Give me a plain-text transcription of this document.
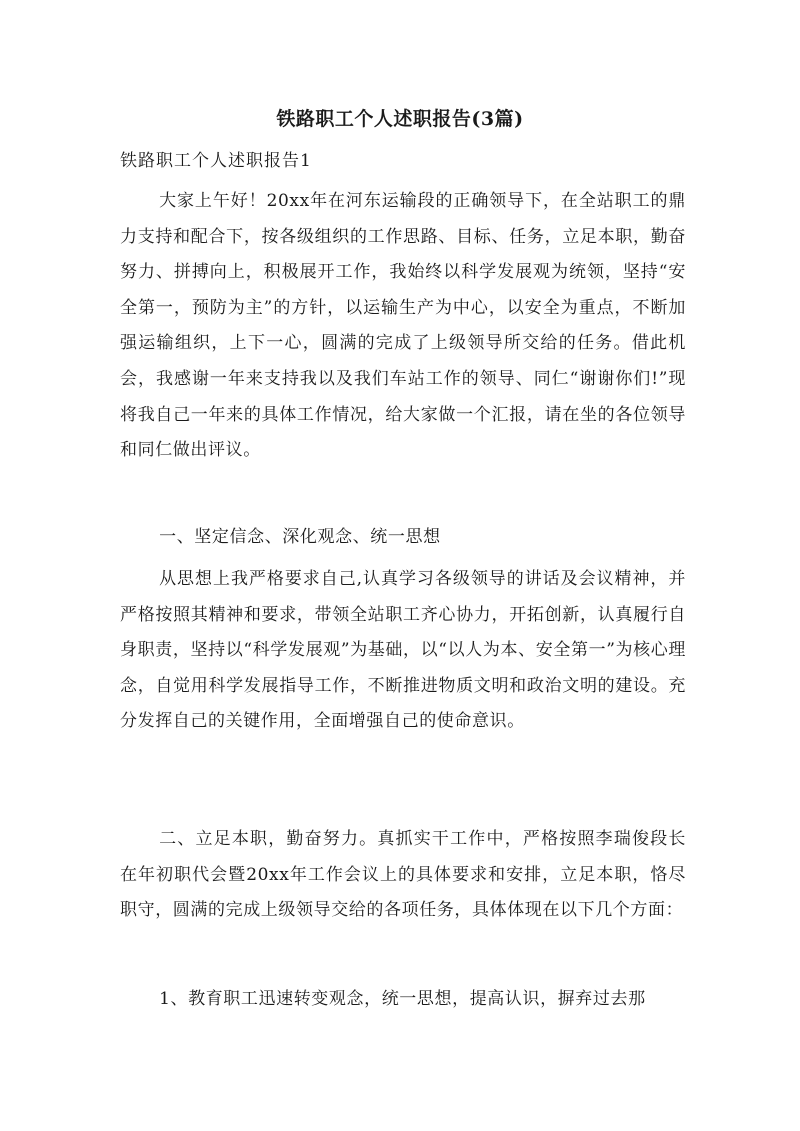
铁路职工个人述职报告(3篇)
铁路职工个人述职报告1

大家上午好！20xx年在河东运输段的正确领导下，在全站职工的鼎力支持和配合下，按各级组织的工作思路、目标、任务，立足本职，勤奋努力、拼搏向上，积极展开工作，我始终以科学发展观为统领，坚持“安全第一，预防为主”的方针，以运输生产为中心，以安全为重点，不断加强运输组织，上下一心，圆满的完成了上级领导所交给的任务。借此机会，我感谢一年来支持我以及我们车站工作的领导、同仁“谢谢你们!”现将我自己一年来的具体工作情况，给大家做一个汇报，请在坐的各位领导和同仁做出评议。

一、坚定信念、深化观念、统一思想

从思想上我严格要求自己,认真学习各级领导的讲话及会议精神，并严格按照其精神和要求，带领全站职工齐心协力，开拓创新，认真履行自身职责，坚持以“科学发展观”为基础，以“以人为本、安全第一”为核心理念，自觉用科学发展指导工作，不断推进物质文明和政治文明的建设。充分发挥自己的关键作用，全面增强自己的使命意识。

二、立足本职，勤奋努力。真抓实干工作中，严格按照李瑞俊段长在年初职代会暨20xx年工作会议上的具体要求和安排，立足本职，恪尽职守，圆满的完成上级领导交给的各项任务，具体体现在以下几个方面：

1、教育职工迅速转变观念，统一思想，提高认识，摒弃过去那
